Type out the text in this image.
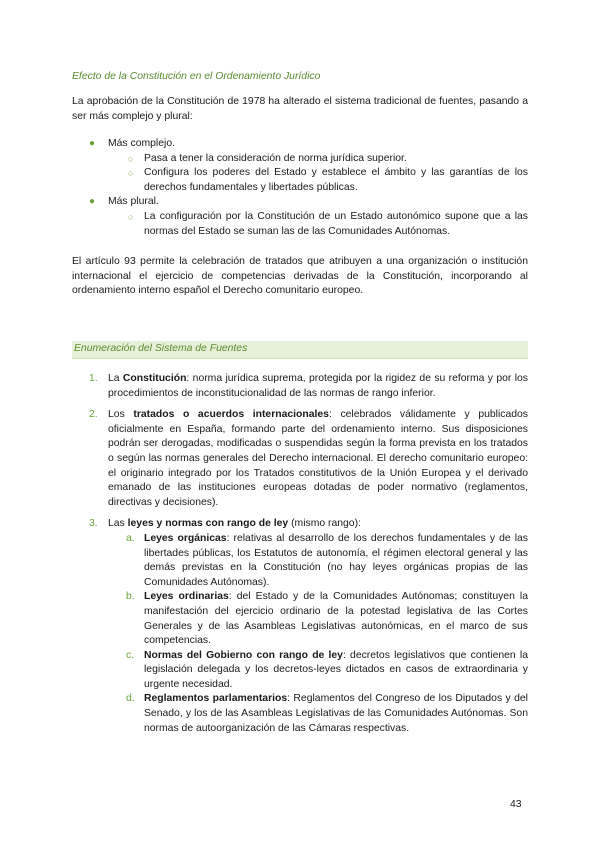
Efecto de la Constitución en el Ordenamiento Jurídico

La aprobación de la Constitución de 1978 ha alterado el sistema tradicional de fuentes, pasando a ser más complejo y plural:

● Más complejo.
○ Pasa a tener la consideración de norma jurídica superior.
○ Configura los poderes del Estado y establece el ámbito y las garantías de los derechos fundamentales y libertades públicas.
● Más plural.
○ La configuración por la Constitución de un Estado autonómico supone que a las normas del Estado se suman las de las Comunidades Autónomas.

El artículo 93 permite la celebración de tratados que atribuyen a una organización o institución internacional el ejercicio de competencias derivadas de la Constitución, incorporando al ordenamiento interno español el Derecho comunitario europeo.

Enumeración del Sistema de Fuentes
1. La Constitución: norma jurídica suprema, protegida por la rigidez de su reforma y por los procedimientos de inconstitucionalidad de las normas de rango inferior.
2. Los tratados o acuerdos internacionales: celebrados válidamente y publicados oficialmente en España, formando parte del ordenamiento interno. Sus disposiciones podrán ser derogadas, modificadas o suspendidas según la forma prevista en los tratados o según las normas generales del Derecho internacional. El derecho comunitario europeo: el originario integrado por los Tratados constitutivos de la Unión Europea y el derivado emanado de las instituciones europeas dotadas de poder normativo (reglamentos, directivas y decisiones).
3. Las leyes y normas con rango de ley (mismo rango):
a. Leyes orgánicas: relativas al desarrollo de los derechos fundamentales y de las libertades públicas, los Estatutos de autonomía, el régimen electoral general y las demás previstas en la Constitución (no hay leyes orgánicas propias de las Comunidades Autónomas).
b. Leyes ordinarias: del Estado y de la Comunidades Autónomas; constituyen la manifestación del ejercicio ordinario de la potestad legislativa de las Cortes Generales y de las Asambleas Legislativas autonómicas, en el marco de sus competencias.
c. Normas del Gobierno con rango de ley: decretos legislativos que contienen la legislación delegada y los decretos-leyes dictados en casos de extraordinaria y urgente necesidad.
d. Reglamentos parlamentarios: Reglamentos del Congreso de los Diputados y del Senado, y los de las Asambleas Legislativas de las Comunidades Autónomas. Son normas de autoorganización de las Cámaras respectivas.
43
